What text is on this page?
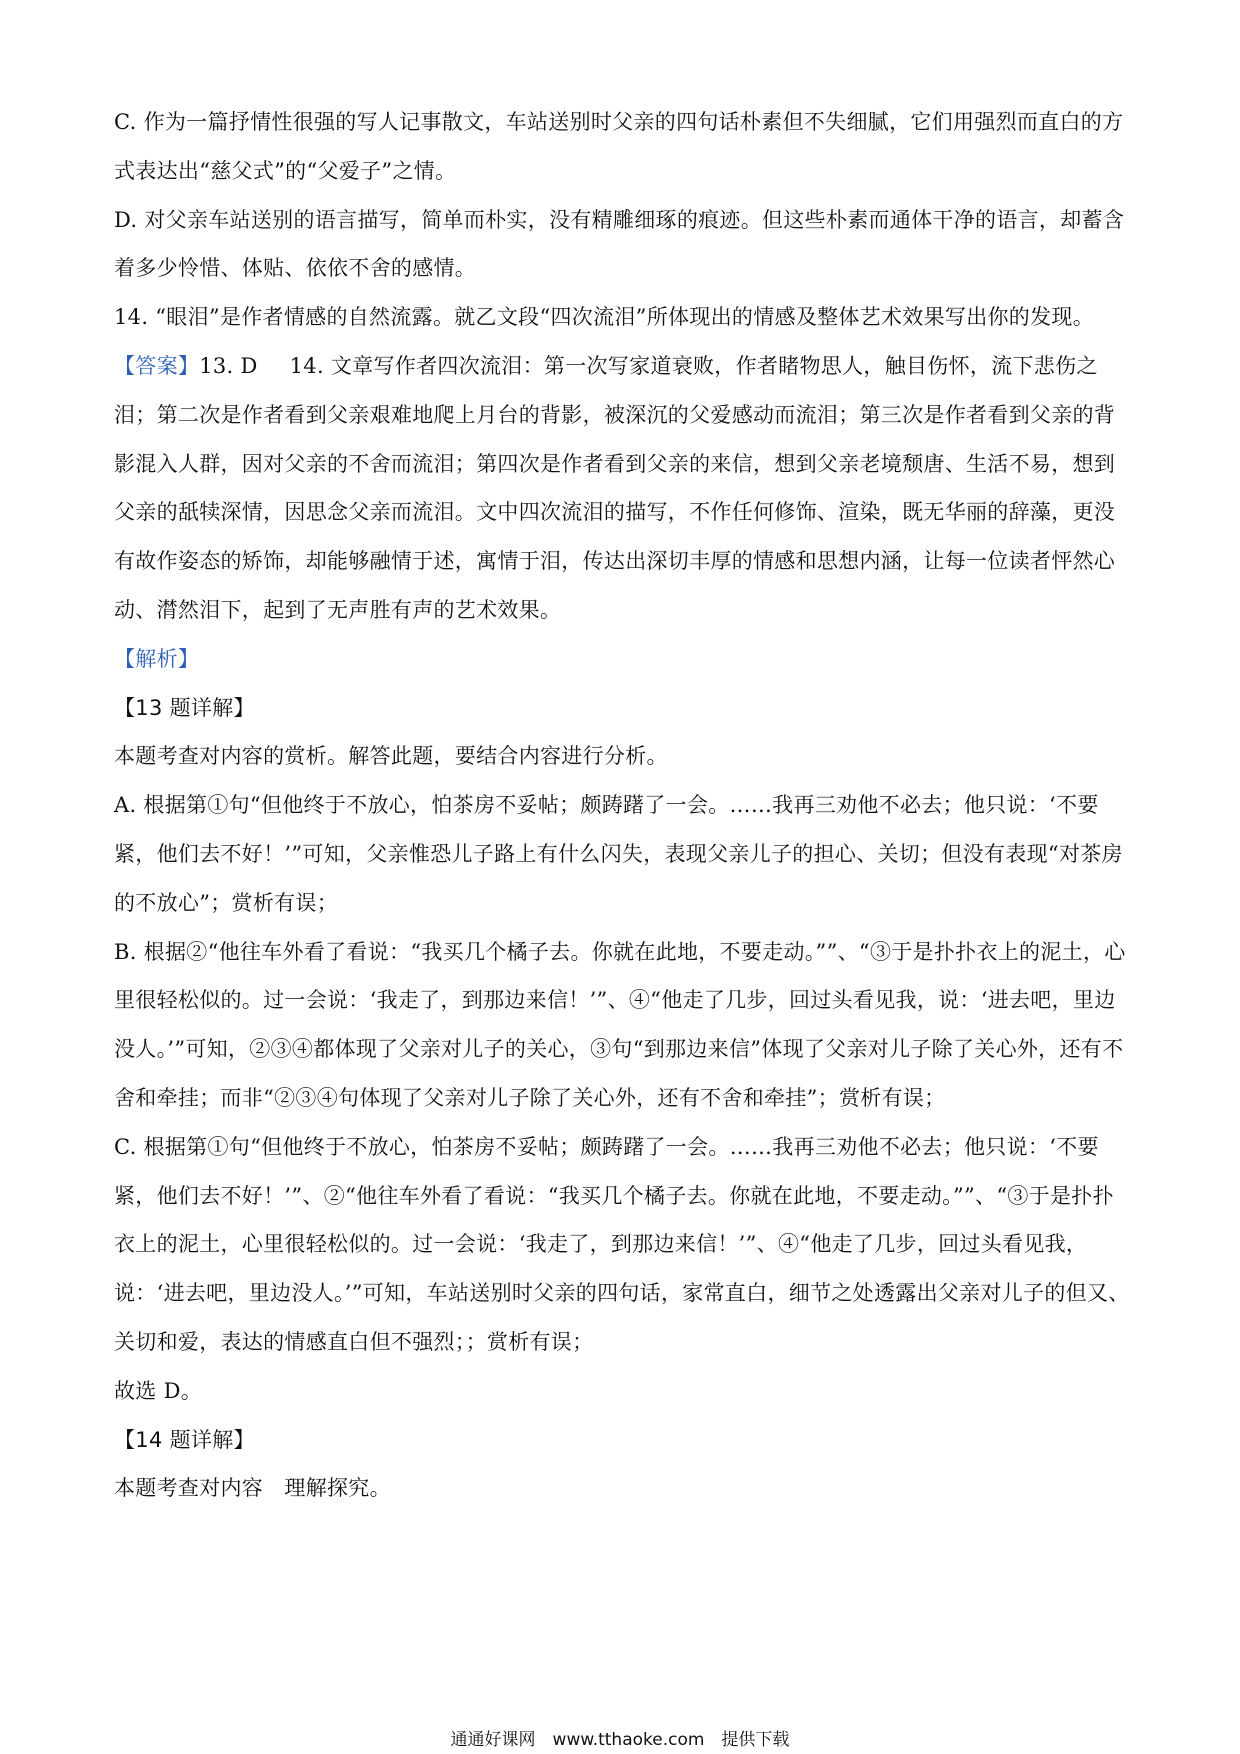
C. 作为一篇抒情性很强的写人记事散文，车站送别时父亲的四句话朴素但不失细腻，它们用强烈而直白的方式表达出“慈父式”的“父爱子”之情。

D. 对父亲车站送别的语言描写，简单而朴实，没有精雕细琢的痕迹。但这些朴素而通体干净的语言，却蓄含着多少怜惜、体贴、依依不舍的感情。

14. “眼泪”是作者情感的自然流露。就乙文段“四次流泪”所体现出的情感及整体艺术效果写出你的发现。

【答案】13. D 14. 文章写作者四次流泪：第一次写家道衰败，作者睹物思人，触目伤怀，流下悲伤之泪；第二次是作者看到父亲艰难地爬上月台的背影，被深沉的父爱感动而流泪；第三次是作者看到父亲的背影混入人群，因对父亲的不舍而流泪；第四次是作者看到父亲的来信，想到父亲老境颓唐、生活不易，想到父亲的舐犊深情，因思念父亲而流泪。文中四次流泪的描写，不作任何修饰、渲染，既无华丽的辞藻，更没有故作姿态的矫饰，却能够融情于述，寓情于泪，传达出深切丰厚的情感和思想内涵，让每一位读者怦然心动、潸然泪下，起到了无声胜有声的艺术效果。

【解析】

【13 题详解】

本题考查对内容的赏析。解答此题，要结合内容进行分析。

A. 根据第①句“但他终于不放心，怕茶房不妥帖；颇踌躇了一会。……我再三劝他不必去；他只说：‘不要紧，他们去不好！’”可知，父亲惟恐儿子路上有什么闪失，表现父亲儿子的担心、关切；但没有表现“对茶房的不放心”；赏析有误；

B. 根据②“他往车外看了看说：“我买几个橘子去。你就在此地，不要走动。””、“③于是扑扑衣上的泥土，心里很轻松似的。过一会说：‘我走了，到那边来信！’”、④“他走了几步，回过头看见我，说：‘进去吧，里边没人。’”可知，②③④都体现了父亲对儿子的关心，③句“到那边来信”体现了父亲对儿子除了关心外，还有不舍和牵挂；而非“②③④句体现了父亲对儿子除了关心外，还有不舍和牵挂”；赏析有误；

C. 根据第①句“但他终于不放心，怕茶房不妥帖；颇踌躇了一会。……我再三劝他不必去；他只说：‘不要紧，他们去不好！’”、②“他往车外看了看说：“我买几个橘子去。你就在此地，不要走动。””、“③于是扑扑衣上的泥土，心里很轻松似的。过一会说：‘我走了，到那边来信！’”、④“他走了几步，回过头看见我，说：‘进去吧，里边没人。’”可知，车站送别时父亲的四句话，家常直白，细节之处透露出父亲对儿子的但又、关切和爱，表达的情感直白但不强烈；；赏析有误；

故选 D。

【14 题详解】

本题考查对内容　理解探究。

通通好课网　www.tthaoke.com　提供下载
